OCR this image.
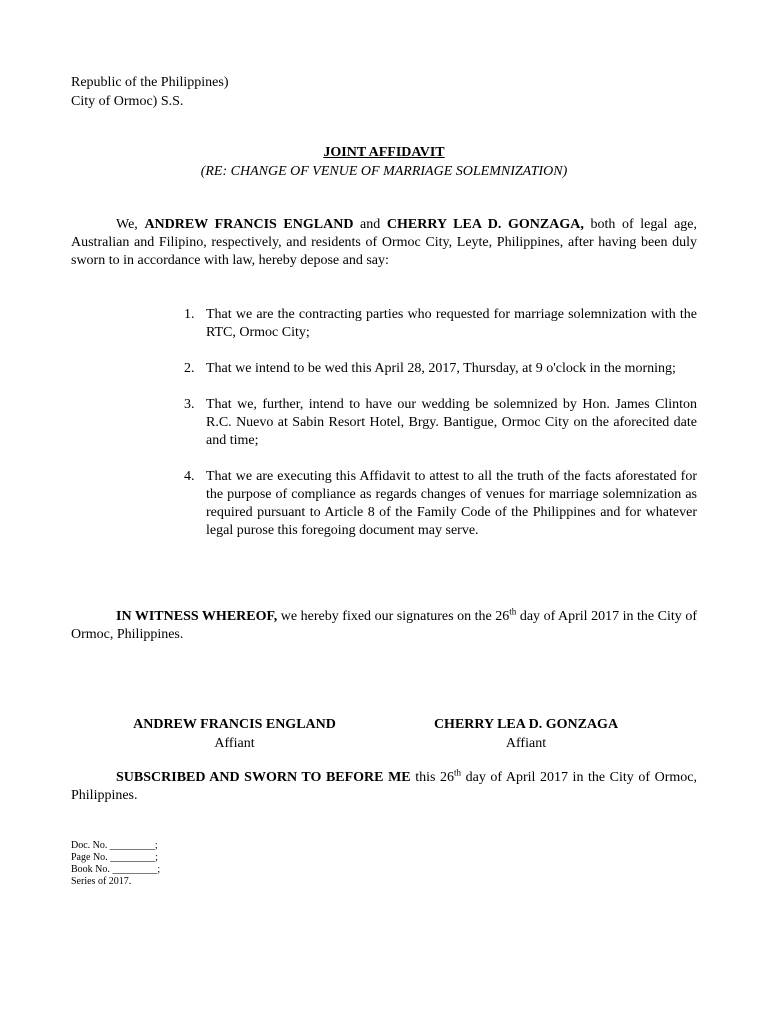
Republic of the Philippines)
City of Ormoc) S.S.
JOINT AFFIDAVIT
(RE: CHANGE OF VENUE OF MARRIAGE SOLEMNIZATION)
We, ANDREW FRANCIS ENGLAND and CHERRY LEA D. GONZAGA, both of legal age, Australian and Filipino, respectively, and residents of Ormoc City, Leyte, Philippines, after having been duly sworn to in accordance with law, hereby depose and say:
1. That we are the contracting parties who requested for marriage solemnization with the RTC, Ormoc City;
2. That we intend to be wed this April 28, 2017, Thursday, at 9 o'clock in the morning;
3. That we, further, intend to have our wedding be solemnized by Hon. James Clinton R.C. Nuevo at Sabin Resort Hotel, Brgy. Bantigue, Ormoc City on the aforecited date and time;
4. That we are executing this Affidavit to attest to all the truth of the facts aforestated for the purpose of compliance as regards changes of venues for marriage solemnization as required pursuant to Article 8 of the Family Code of the Philippines and for whatever legal purose this foregoing document may serve.
IN WITNESS WHEREOF, we hereby fixed our signatures on the 26th day of April 2017 in the City of Ormoc, Philippines.
ANDREW FRANCIS ENGLAND
Affiant
CHERRY LEA D. GONZAGA
Affiant
SUBSCRIBED AND SWORN TO BEFORE ME this 26th day of April 2017 in the City of Ormoc, Philippines.
Doc. No. _________;
Page No. _________;
Book No. _________;
Series of 2017.
